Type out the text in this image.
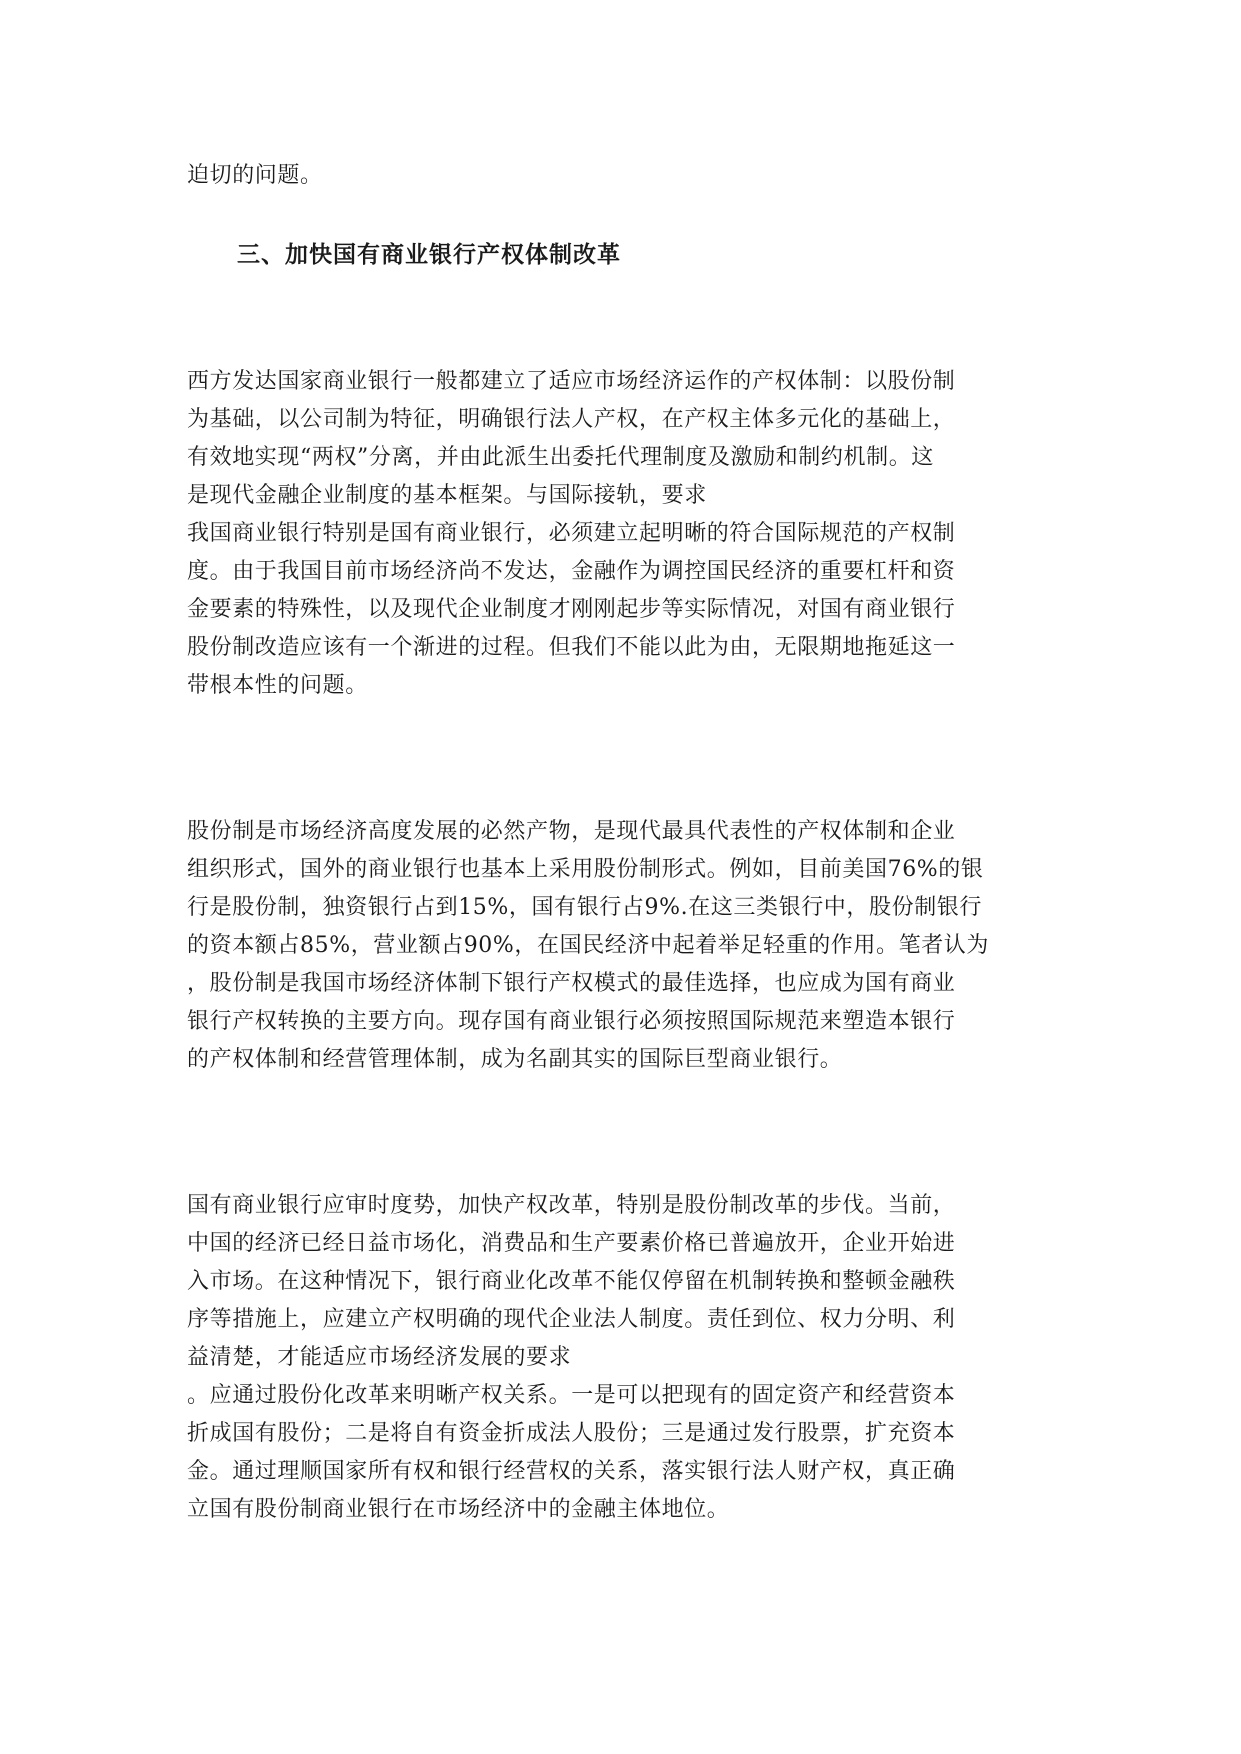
迫切的问题。
三、加快国有商业银行产权体制改革
西方发达国家商业银行一般都建立了适应市场经济运作的产权体制：以股份制
为基础，以公司制为特征，明确银行法人产权，在产权主体多元化的基础上，
有效地实现“两权”分离，并由此派生出委托代理制度及激励和制约机制。这
是现代金融企业制度的基本框架。与国际接轨，要求
我国商业银行特别是国有商业银行，必须建立起明晰的符合国际规范的产权制
度。由于我国目前市场经济尚不发达，金融作为调控国民经济的重要杠杆和资
金要素的特殊性，以及现代企业制度才刚刚起步等实际情况，对国有商业银行
股份制改造应该有一个渐进的过程。但我们不能以此为由，无限期地拖延这一
带根本性的问题。
股份制是市场经济高度发展的必然产物，是现代最具代表性的产权体制和企业
组织形式，国外的商业银行也基本上采用股份制形式。例如，目前美国76%的银
行是股份制，独资银行占到15%，国有银行占9%.在这三类银行中，股份制银行
的资本额占85%，营业额占90%，在国民经济中起着举足轻重的作用。笔者认为
，股份制是我国市场经济体制下银行产权模式的最佳选择，也应成为国有商业
银行产权转换的主要方向。现存国有商业银行必须按照国际规范来塑造本银行
的产权体制和经营管理体制，成为名副其实的国际巨型商业银行。
国有商业银行应审时度势，加快产权改革，特别是股份制改革的步伐。当前，
中国的经济已经日益市场化，消费品和生产要素价格已普遍放开，企业开始进
入市场。在这种情况下，银行商业化改革不能仅停留在机制转换和整顿金融秩
序等措施上，应建立产权明确的现代企业法人制度。责任到位、权力分明、利
益清楚，才能适应市场经济发展的要求
。应通过股份化改革来明晰产权关系。一是可以把现有的固定资产和经营资本
折成国有股份；二是将自有资金折成法人股份；三是通过发行股票，扩充资本
金。通过理顺国家所有权和银行经营权的关系，落实银行法人财产权，真正确
立国有股份制商业银行在市场经济中的金融主体地位。
